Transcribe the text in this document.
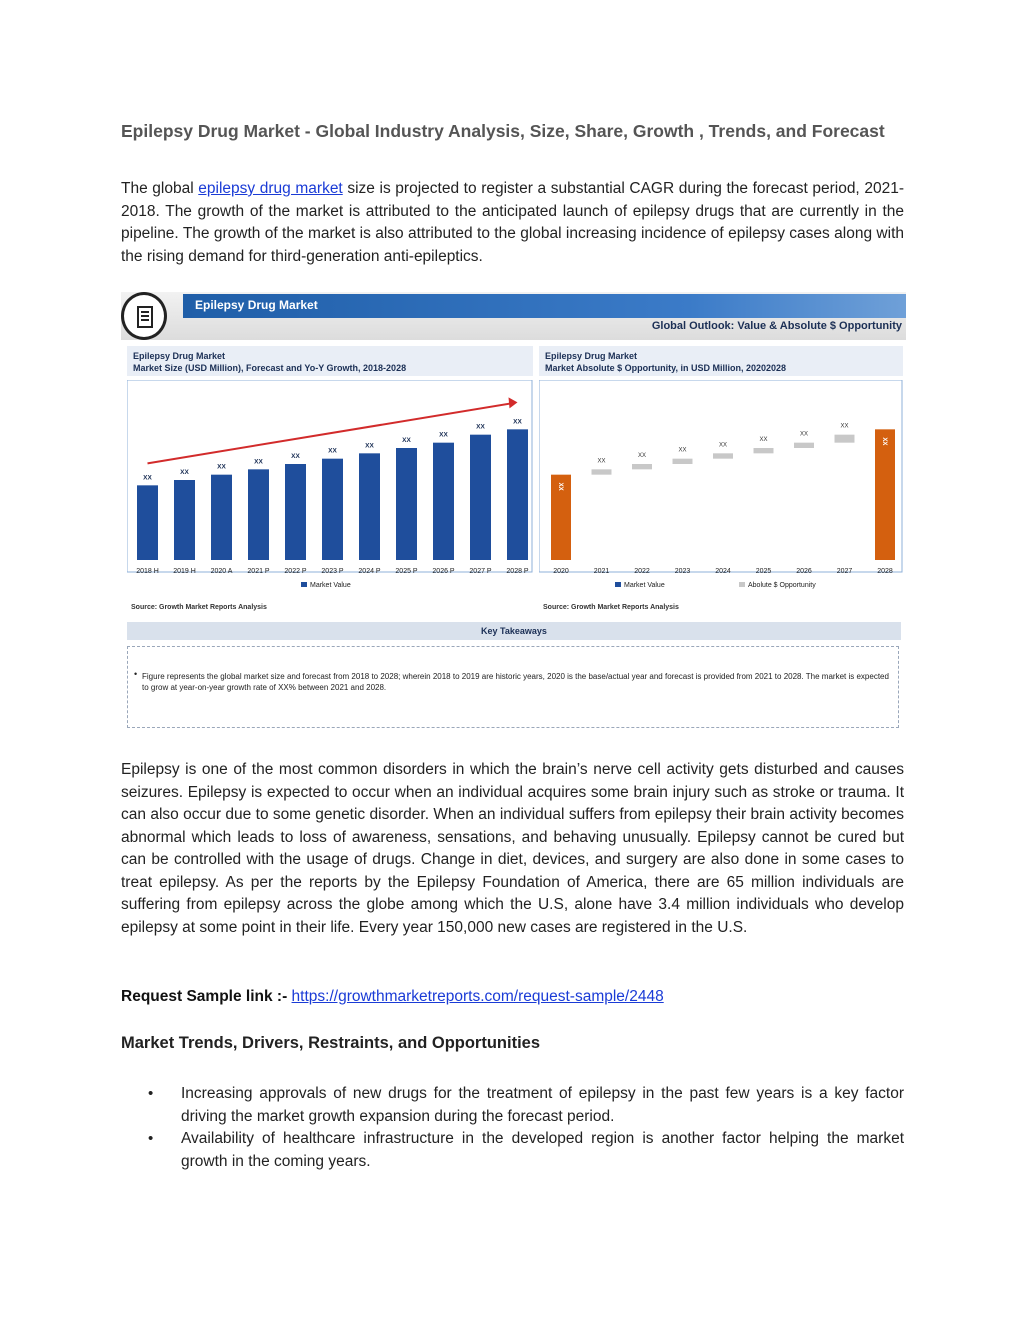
Epilepsy Drug Market - Global Industry Analysis, Size, Share, Growth , Trends, and Forecast

The global epilepsy drug market size is projected to register a substantial CAGR during the forecast period, 2021-2018. The growth of the market is attributed to the anticipated launch of epilepsy drugs that are currently in the pipeline. The growth of the market is also attributed to the global increasing incidence of epilepsy cases along with the rising demand for third-generation anti-epileptics.

Epilepsy Drug Market
Global Outlook: Value & Absolute $ Opportunity
Epilepsy Drug Market
Market Size (USD Million), Forecast and Yo-Y Growth, 2018-2028
Epilepsy Drug Market
Market Absolute $ Opportunity, in USD Million, 20202028
XX
2018 H
XX
2019 H
XX
2020 A
XX
2021 P
XX
2022 P
XX
2023 P
XX
2024 P
XX
2025 P
XX
2026 P
XX
2027 P
XX
2028 P
Market Value
XX
2020
XX
2021
XX
2022
XX
2023
XX
2024
XX
2025
XX
2026
XX
2027
XX
2028
Market Value	Abolute $ Opportunity
Source: Growth Market Reports Analysis	Source: Growth Market Reports Analysis
Key Takeaways
• Figure represents the global market size and forecast from 2018 to 2028; wherein 2018 to 2019 are historic years, 2020 is the base/actual year and forecast is provided from 2021 to 2028. The market is expected to grow at year-on-year growth rate of XX% between 2021 and 2028.

Epilepsy is one of the most common disorders in which the brain’s nerve cell activity gets disturbed and causes seizures. Epilepsy is expected to occur when an individual acquires some brain injury such as stroke or trauma. It can also occur due to some genetic disorder. When an individual suffers from epilepsy their brain activity becomes abnormal which leads to loss of awareness, sensations, and behaving unusually. Epilepsy cannot be cured but can be controlled with the usage of drugs. Change in diet, devices, and surgery are also done in some cases to treat epilepsy. As per the reports by the Epilepsy Foundation of America, there are 65 million individuals are suffering from epilepsy across the globe among which the U.S, alone have 3.4 million individuals who develop epilepsy at some point in their life. Every year 150,000 new cases are registered in the U.S.

Request Sample link :- https://growthmarketreports.com/request-sample/2448
Market Trends, Drivers, Restraints, and Opportunities
• Increasing approvals of new drugs for the treatment of epilepsy in the past few years is a key factor driving the market growth expansion during the forecast period.
• Availability of healthcare infrastructure in the developed region is another factor helping the market growth in the coming years.
